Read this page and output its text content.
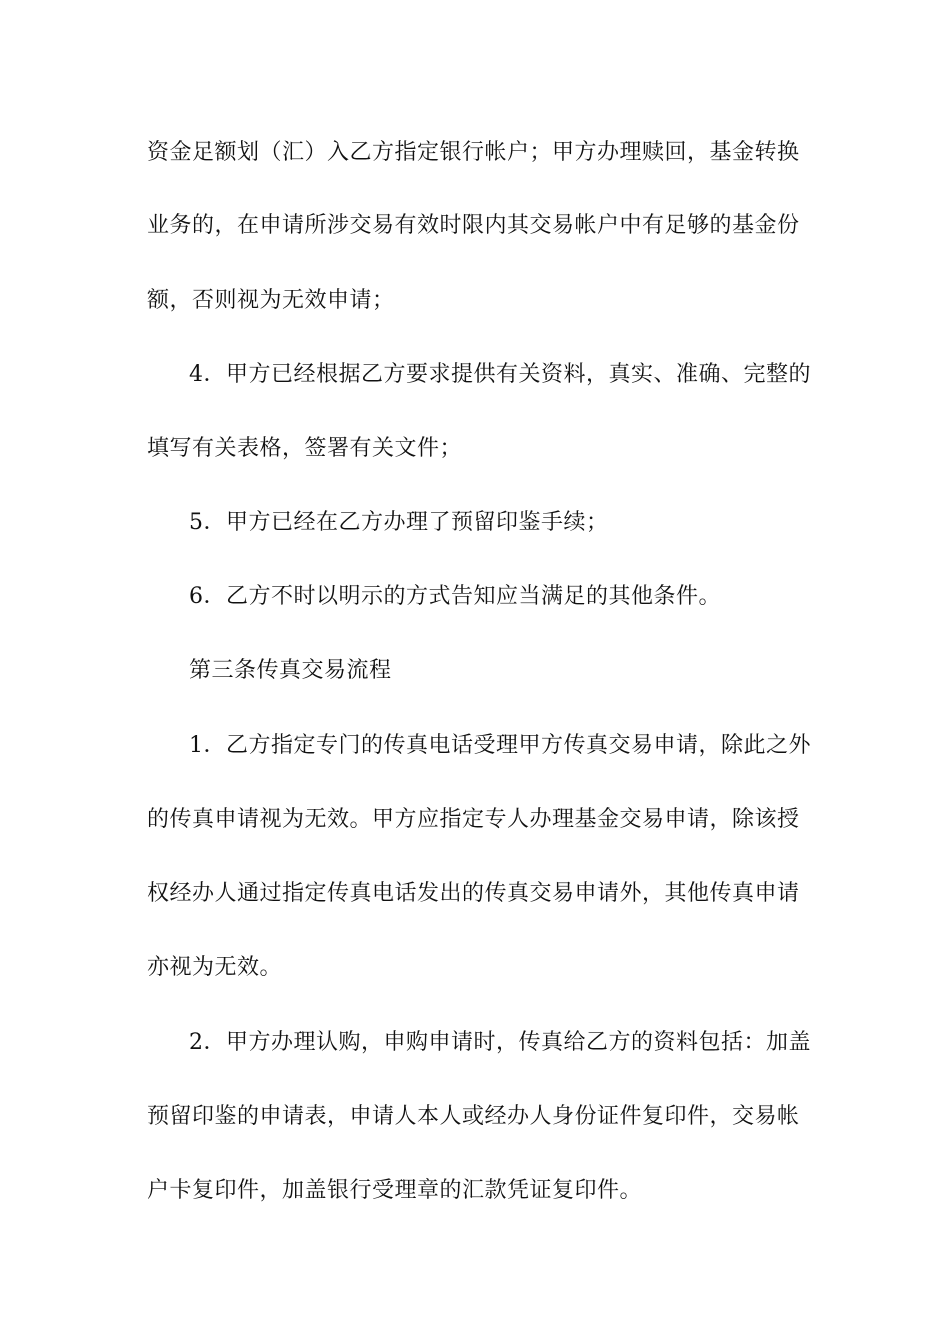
资金足额划（汇）入乙方指定银行帐户；甲方办理赎回，基金转换
业务的，在申请所涉交易有效时限内其交易帐户中有足够的基金份
额，否则视为无效申请；
4．甲方已经根据乙方要求提供有关资料，真实、准确、完整的
填写有关表格，签署有关文件；
5．甲方已经在乙方办理了预留印鉴手续；
6．乙方不时以明示的方式告知应当满足的其他条件。
第三条传真交易流程
1．乙方指定专门的传真电话受理甲方传真交易申请，除此之外
的传真申请视为无效。甲方应指定专人办理基金交易申请，除该授
权经办人通过指定传真电话发出的传真交易申请外，其他传真申请
亦视为无效。
2．甲方办理认购，申购申请时，传真给乙方的资料包括：加盖
预留印鉴的申请表，申请人本人或经办人身份证件复印件，交易帐
户卡复印件，加盖银行受理章的汇款凭证复印件。
